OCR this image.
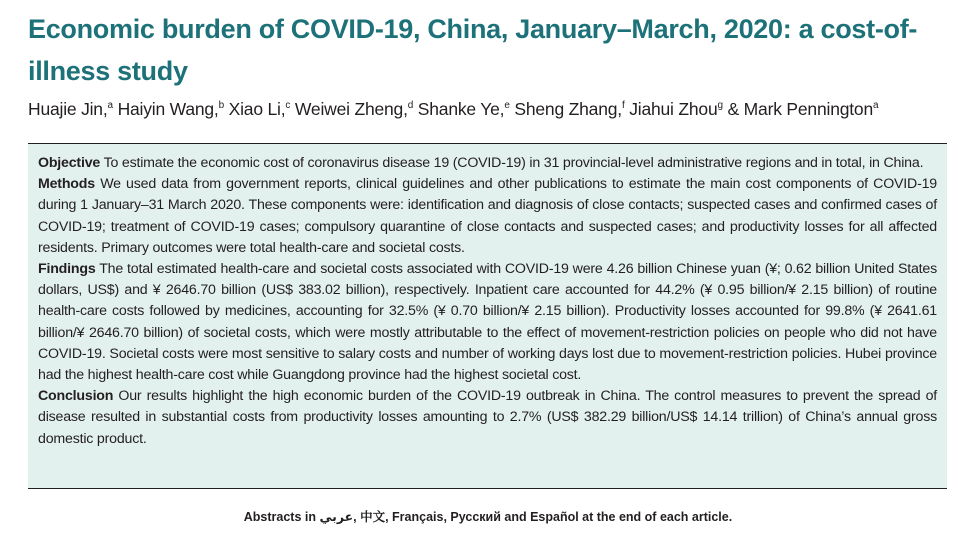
Economic burden of COVID-19, China, January–March, 2020: a cost-of-illness study

Huajie Jin,$^a$ Haiyin Wang,$^b$ Xiao Li,$^c$ Weiwei Zheng,$^d$ Shanke Ye,$^e$ Sheng Zhang,$^f$ Jiahui Zhou$^g$ & Mark Pennington$^a$

Objective To estimate the economic cost of coronavirus disease 19 (COVID-19) in 31 provincial-level administrative regions and in total, in China.

Methods We used data from government reports, clinical guidelines and other publications to estimate the main cost components of COVID-19 during 1 January–31 March 2020. These components were: identification and diagnosis of close contacts; suspected cases and confirmed cases of COVID-19; treatment of COVID-19 cases; compulsory quarantine of close contacts and suspected cases; and productivity losses for all affected residents. Primary outcomes were total health-care and societal costs.

Findings The total estimated health-care and societal costs associated with COVID-19 were 4.26 billion Chinese yuan (¥; 0.62 billion United States dollars, US$) and ¥ 2646.70 billion (US$ 383.02 billion), respectively. Inpatient care accounted for 44.2% (¥ 0.95 billion/¥ 2.15 billion) of routine health-care costs followed by medicines, accounting for 32.5% (¥ 0.70 billion/¥ 2.15 billion). Productivity losses accounted for 99.8% (¥ 2641.61 billion/¥ 2646.70 billion) of societal costs, which were mostly attributable to the effect of movement-restriction policies on people who did not have COVID-19. Societal costs were most sensitive to salary costs and number of working days lost due to movement-restriction policies. Hubei province had the highest health-care cost while Guangdong province had the highest societal cost.

Conclusion Our results highlight the high economic burden of the COVID-19 outbreak in China. The control measures to prevent the spread of disease resulted in substantial costs from productivity losses amounting to 2.7% (US$ 382.29 billion/US$ 14.14 trillion) of China’s annual gross domestic product.

Abstracts in عربي, 中文, Français, Русский and Español at the end of each article.
